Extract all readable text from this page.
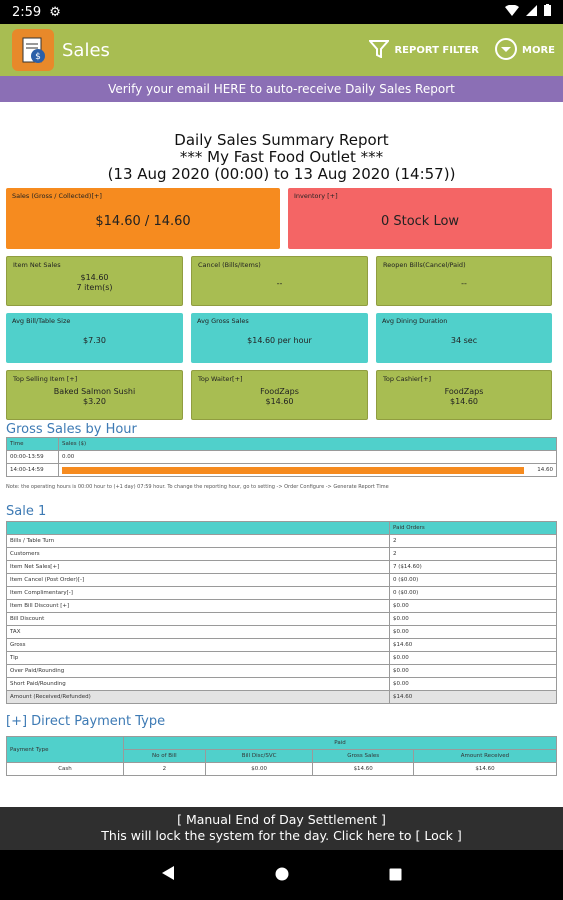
2:59 ⚙
$ Sales	REPORT FILTER	MORE
Verify your email HERE to auto-receive Daily Sales Report
Daily Sales Summary Report
*** My Fast Food Outlet ***
(13 Aug 2020 (00:00) to 13 Aug 2020 (14:57))
Sales (Gross / Collected)[+]
$14.60 / 14.60
Inventory [+]
0 Stock Low
Item Net Sales
$14.60
7 item(s)
Cancel (Bills/Items)
--
Reopen Bills(Cancel/Paid)
--
Avg Bill/Table Size
$7.30
Avg Gross Sales
$14.60 per hour
Avg Dining Duration
34 sec
Top Selling Item [+]
Baked Salmon Sushi
$3.20
Top Waiter[+]
FoodZaps
$14.60
Top Cashier[+]
FoodZaps
$14.60
Gross Sales by Hour
Time	Sales ($)
00:00-13:59	0.00
14:00-14:59	14.60
Note: the operating hours is 00:00 hour to (+1 day) 07:59 hour. To change the reporting hour, go to setting -> Order Configure -> Generate Report Time
Sale 1
	Paid Orders
Bills / Table Turn	2
Customers	2
Item Net Sales[+]	7 ($14.60)
Item Cancel (Post Order)[-]	0 ($0.00)
Item Complimentary[-]	0 ($0.00)
Item Bill Discount [+]	$0.00
Bill Discount	$0.00
TAX	$0.00
Gross	$14.60
Tip	$0.00
Over Paid/Rounding	$0.00
Short Paid/Rounding	$0.00
Amount (Received/Refunded)	$14.60
[+] Direct Payment Type
Payment Type	Paid			
	No of Bill	Bill Disc/SVC	Gross Sales	Amount Received
Cash	2	$0.00	$14.60	$14.60
[ Manual End of Day Settlement ]
This will lock the system for the day. Click here to [ Lock ]
